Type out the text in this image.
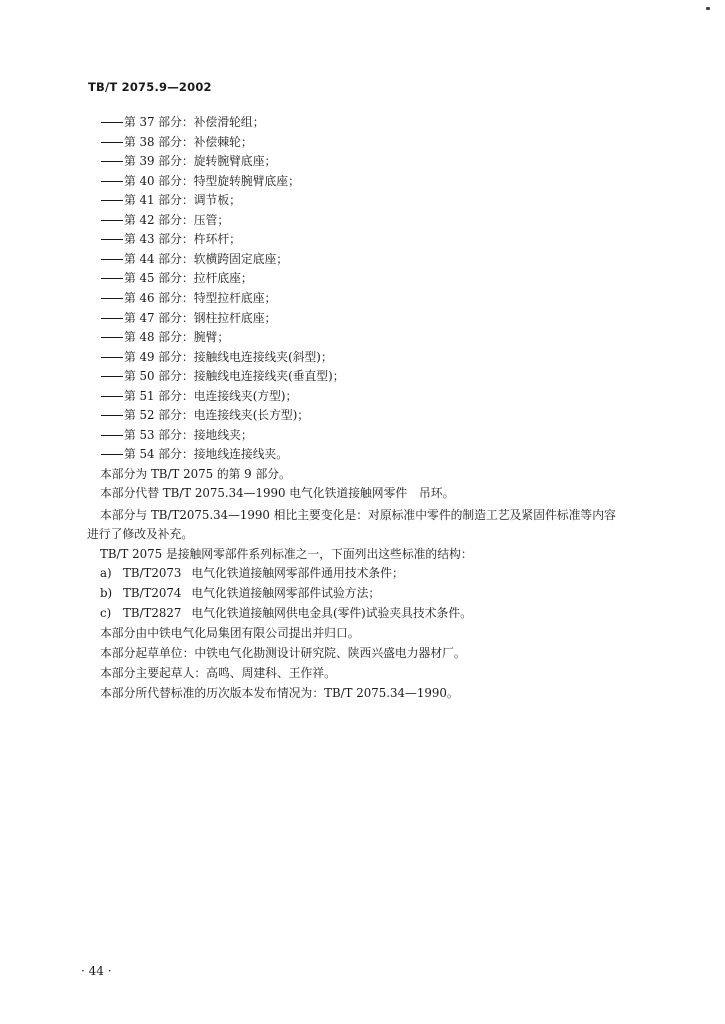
TB/T 2075.9—2002
第 37 部分：补偿滑轮组；
第 38 部分：补偿棘轮；
第 39 部分：旋转腕臂底座；
第 40 部分：特型旋转腕臂底座；
第 41 部分：调节板；
第 42 部分：压管；
第 43 部分：杵环杆；
第 44 部分：软横跨固定底座；
第 45 部分：拉杆底座；
第 46 部分：特型拉杆底座；
第 47 部分：钢柱拉杆底座；
第 48 部分：腕臂；
第 49 部分：接触线电连接线夹(斜型)；
第 50 部分：接触线电连接线夹(垂直型)；
第 51 部分：电连接线夹(方型)；
第 52 部分：电连接线夹(长方型)；
第 53 部分：接地线夹；
第 54 部分：接地线连接线夹。
本部分为 TB/T 2075 的第 9 部分。
本部分代替 TB/T 2075.34—1990 电气化铁道接触网零件　吊环。
本部分与 TB/T2075.34—1990 相比主要变化是：对原标准中零件的制造工艺及紧固件标准等内容
进行了修改及补充。
TB/T 2075 是接触网零部件系列标准之一，下面列出这些标准的结构：
a) TB/T2073 电气化铁道接触网零部件通用技术条件；
b) TB/T2074 电气化铁道接触网零部件试验方法；
c) TB/T2827 电气化铁道接触网供电金具(零件)试验夹具技术条件。
本部分由中铁电气化局集团有限公司提出并归口。
本部分起草单位：中铁电气化勘测设计研究院、陕西兴盛电力器材厂。
本部分主要起草人：高鸣、周建科、王作祥。
本部分所代替标准的历次版本发布情况为：TB/T 2075.34—1990。
· 44 ·
